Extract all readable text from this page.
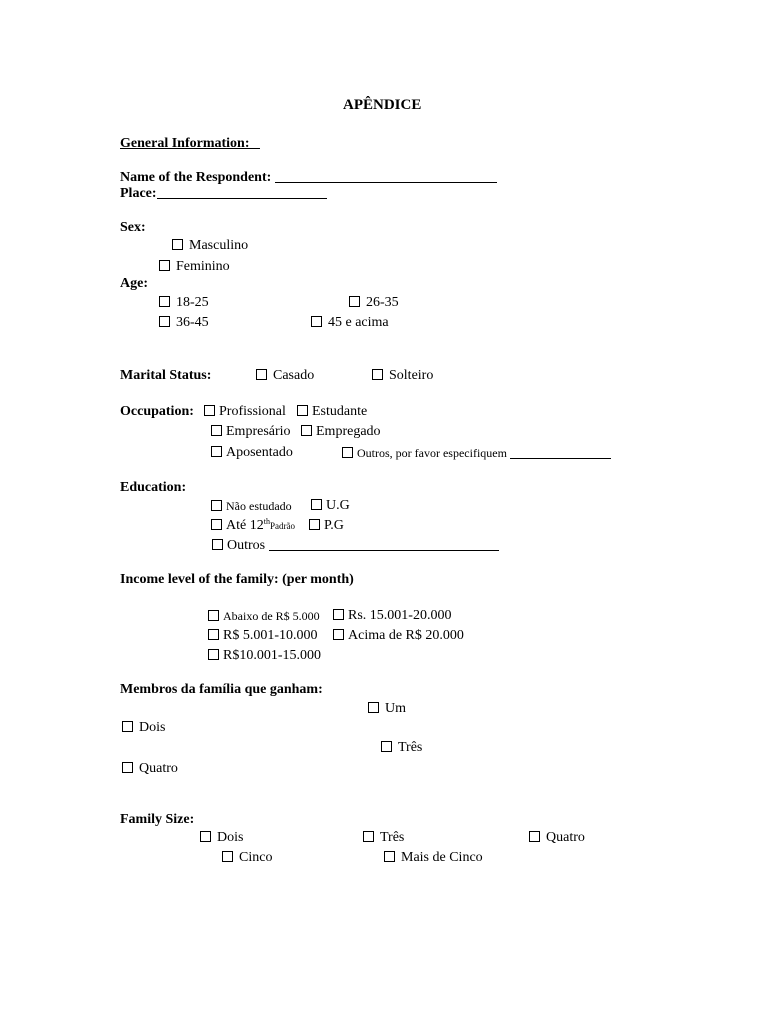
APÊNDICE
General Information:
Name of the Respondent:
Place:
Sex:
Masculino
Feminino
Age:
18-25	26-35
36-45	45 e acima
Marital Status:	Casado	Solteiro
Occupation:	Profissional	Estudante
Empresário	Empregado
Aposentado	Outros, por favor especifiquem
Education:
Não estudado	U.G
Até 12thPadrão	P.G
Outros
Income level of the family: (per month)
Abaixo de R$ 5.000	Rs. 15.001-20.000
R$ 5.001-10.000	Acima de R$ 20.000
R$10.001-15.000
Membros da família que ganham:
Um
Dois
Três
Quatro
Family Size:
Dois	Três	Quatro
Cinco	Mais de Cinco
